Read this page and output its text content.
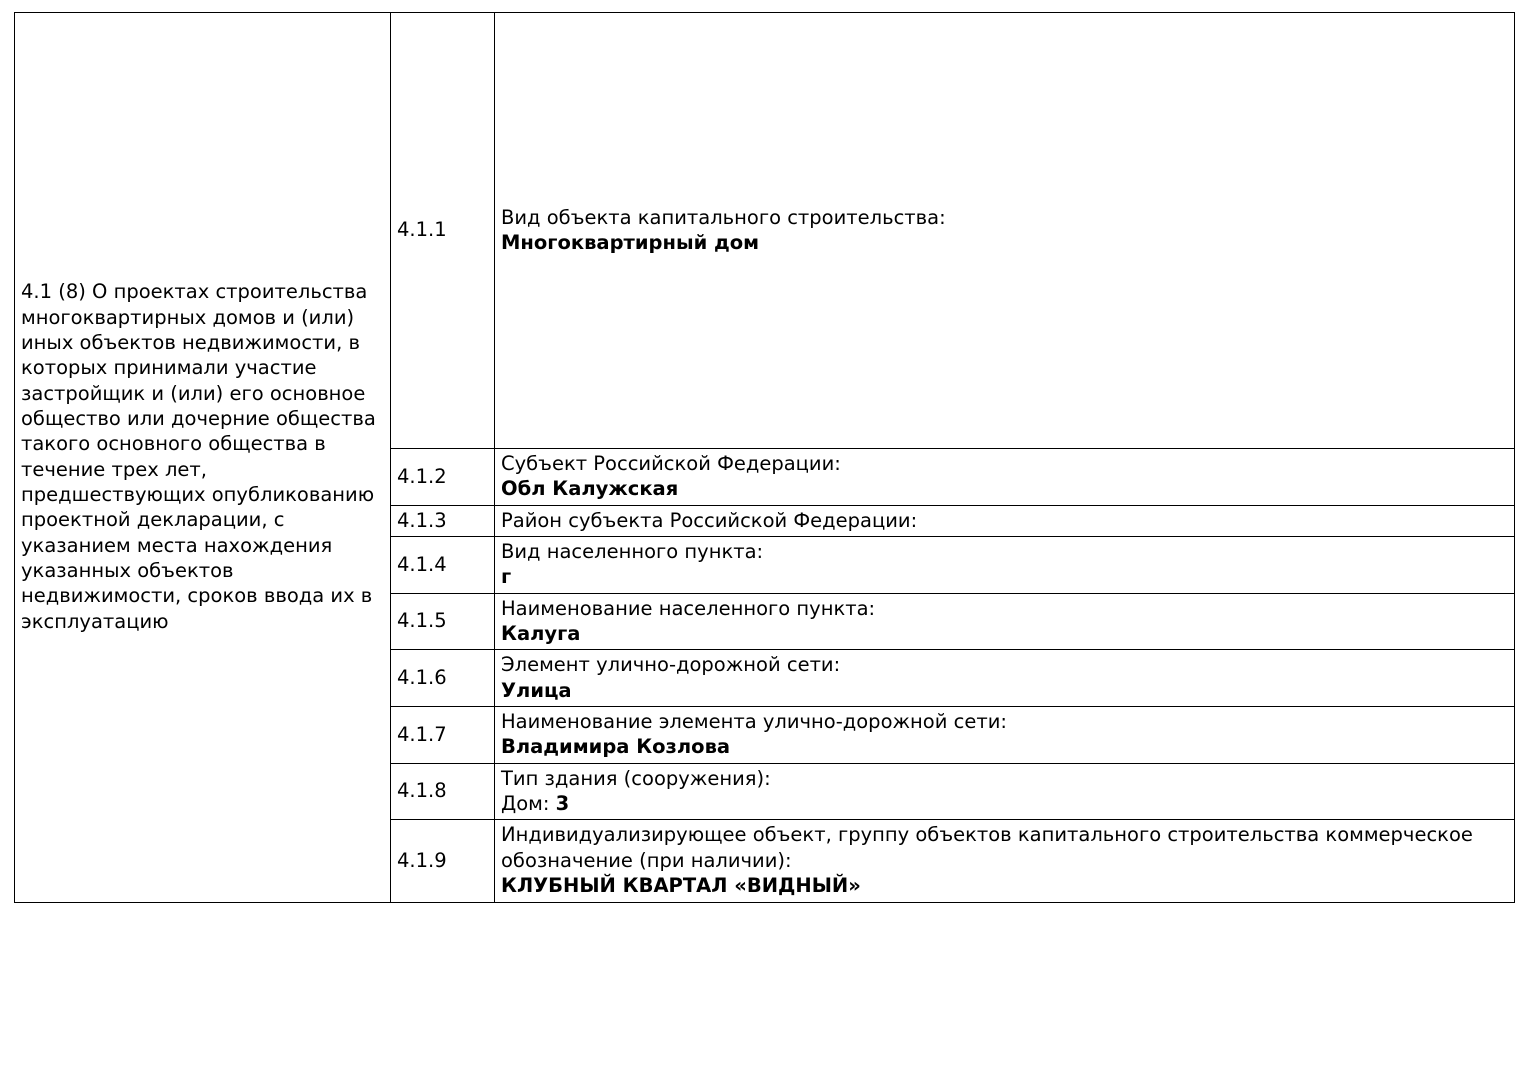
4.1 (8) О проектах строительства многоквартирных домов и (или) иных объектов недвижимости, в которых принимали участие застройщик и (или) его основное общество или дочерние общества такого основного общества в течение трех лет, предшествующих опубликованию проектной декларации, с указанием места нахождения указанных объектов недвижимости, сроков ввода их в эксплуатацию	4.1.1	Вид объекта капитального строительства:
Многоквартирный дом

	4.1.2	Субъект Российской Федерации:
Обл Калужская

	4.1.3	Район субъекта Российской Федерации:

	4.1.4	Вид населенного пункта:
г

	4.1.5	Наименование населенного пункта:
Калуга

	4.1.6	Элемент улично-дорожной сети:
Улица

	4.1.7	Наименование элемента улично-дорожной сети:
Владимира Козлова

	4.1.8	Тип здания (сооружения):
Дом: 3

	4.1.9	Индивидуализирующее объект, группу объектов капитального строительства коммерческое обозначение (при наличии):
КЛУБНЫЙ КВАРТАЛ «ВИДНЫЙ»
